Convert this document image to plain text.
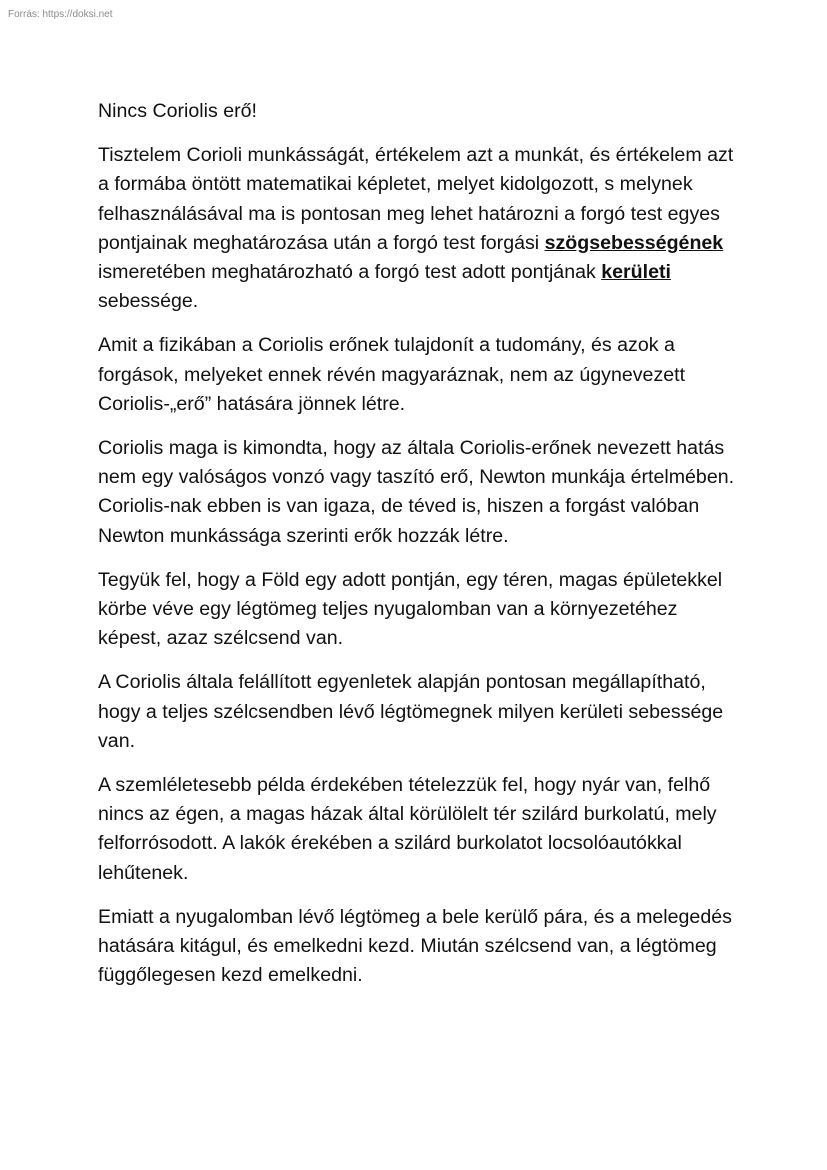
Forrás: https://doksi.net

Nincs Coriolis erő!

Tisztelem Corioli munkásságát, értékelem azt a munkát, és értékelem azt a formába öntött matematikai képletet, melyet kidolgozott, s melynek felhasználásával ma is pontosan meg lehet határozni a forgó test egyes pontjainak meghatározása után a forgó test forgási szögsebességének ismeretében meghatározható a forgó test adott pontjának kerületi sebessége.

Amit a fizikában a Coriolis erőnek tulajdonít a tudomány, és azok a forgások, melyeket ennek révén magyaráznak, nem az úgynevezett Coriolis-„erő” hatására jönnek létre.

Coriolis maga is kimondta, hogy az általa Coriolis-erőnek nevezett hatás nem egy valóságos vonzó vagy taszító erő, Newton munkája értelmében. Coriolis-nak ebben is van igaza, de téved is, hiszen a forgást valóban Newton munkássága szerinti erők hozzák létre.

Tegyük fel, hogy a Föld egy adott pontján, egy téren, magas épületekkel körbe véve egy légtömeg teljes nyugalomban van a környezetéhez képest, azaz szélcsend van.

A Coriolis általa felállított egyenletek alapján pontosan megállapítható, hogy a teljes szélcsendben lévő légtömegnek milyen kerületi sebessége van.

A szemléletesebb példa érdekében tételezzük fel, hogy nyár van, felhő nincs az égen, a magas házak által körülölelt tér szilárd burkolatú, mely felforrósodott. A lakók érekében a szilárd burkolatot locsolóautókkal lehűtenek.

Emiatt a nyugalomban lévő légtömeg a bele kerülő pára, és a melegedés hatására kitágul, és emelkedni kezd. Miután szélcsend van, a légtömeg függőlegesen kezd emelkedni.
